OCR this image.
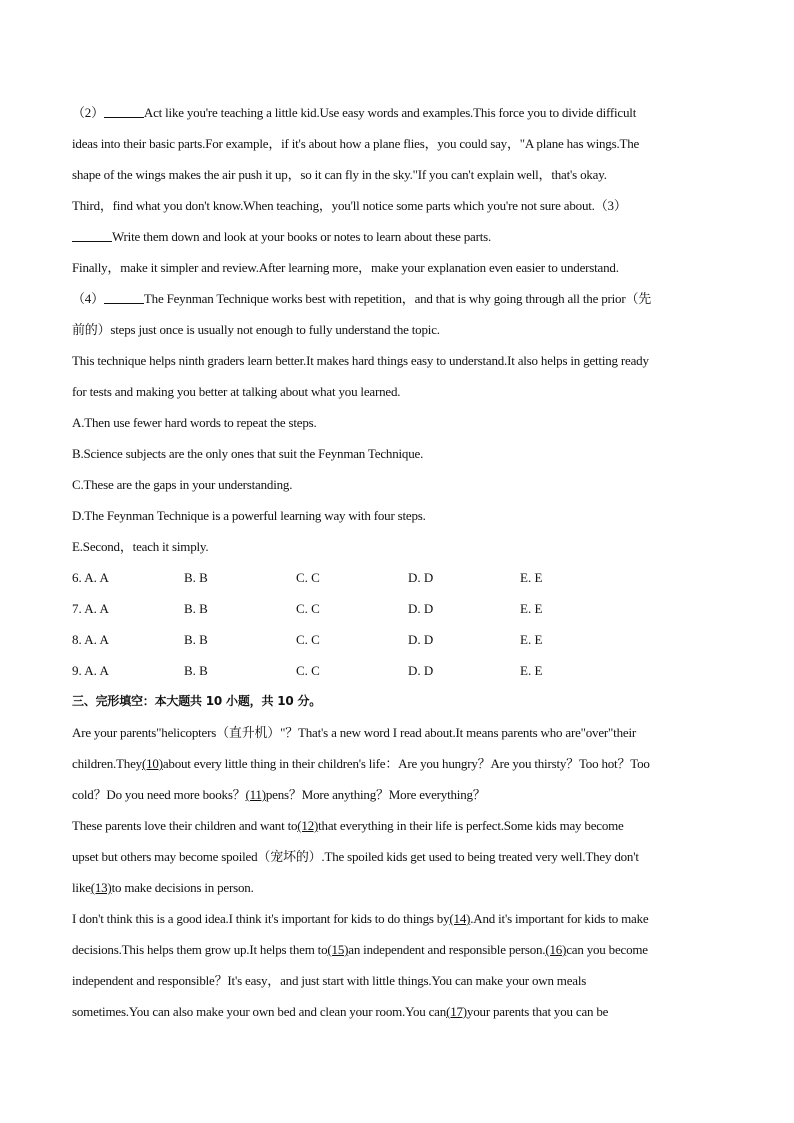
（2）	Act like you're teaching a little kid.Use easy words and examples.This force you to divide difficult
ideas into their basic parts.For example，if it's about how a plane flies，you could say，"A plane has wings.The
shape of the wings makes the air push it up，so it can fly in the sky."If you can't explain well，that's okay.
Third，find what you don't know.When teaching，you'll notice some parts which you're not sure about.（3）
Write them down and look at your books or notes to learn about these parts.
Finally，make it simpler and review.After learning more，make your explanation even easier to understand.
（4）	The Feynman Technique works best with repetition，and that is why going through all the prior（先
前的）steps just once is usually not enough to fully understand the topic.
This technique helps ninth graders learn better.It makes hard things easy to understand.It also helps in getting ready
for tests and making you better at talking about what you learned.
A.Then use fewer hard words to repeat the steps.
B.Science subjects are the only ones that suit the Feynman Technique.
C.These are the gaps in your understanding.
D.The Feynman Technique is a powerful learning way with four steps.
E.Second，teach it simply.
6. A. A	B. B	C. C	D. D	E. E
7. A. A	B. B	C. C	D. D	E. E
8. A. A	B. B	C. C	D. D	E. E
9. A. A	B. B	C. C	D. D	E. E
三、完形填空：本大题共 10 小题，共 10 分。
Are your parents"helicopters（直升机）"？That's a new word I read about.It means parents who are"over"their
children.They(10)about every little thing in their children's life：Are you hungry？Are you thirsty？Too hot？Too
cold？Do you need more books？(11)pens？More anything？More everything？
These parents love their children and want to(12)that everything in their life is perfect.Some kids may become
upset but others may become spoiled（宠坏的）.The spoiled kids get used to being treated very well.They don't
like(13)to make decisions in person.
I don't think this is a good idea.I think it's important for kids to do things by(14).And it's important for kids to make
decisions.This helps them grow up.It helps them to(15)an independent and responsible person.(16)can you become
independent and responsible？It's easy，and just start with little things.You can make your own meals
sometimes.You can also make your own bed and clean your room.You can(17)your parents that you can be
